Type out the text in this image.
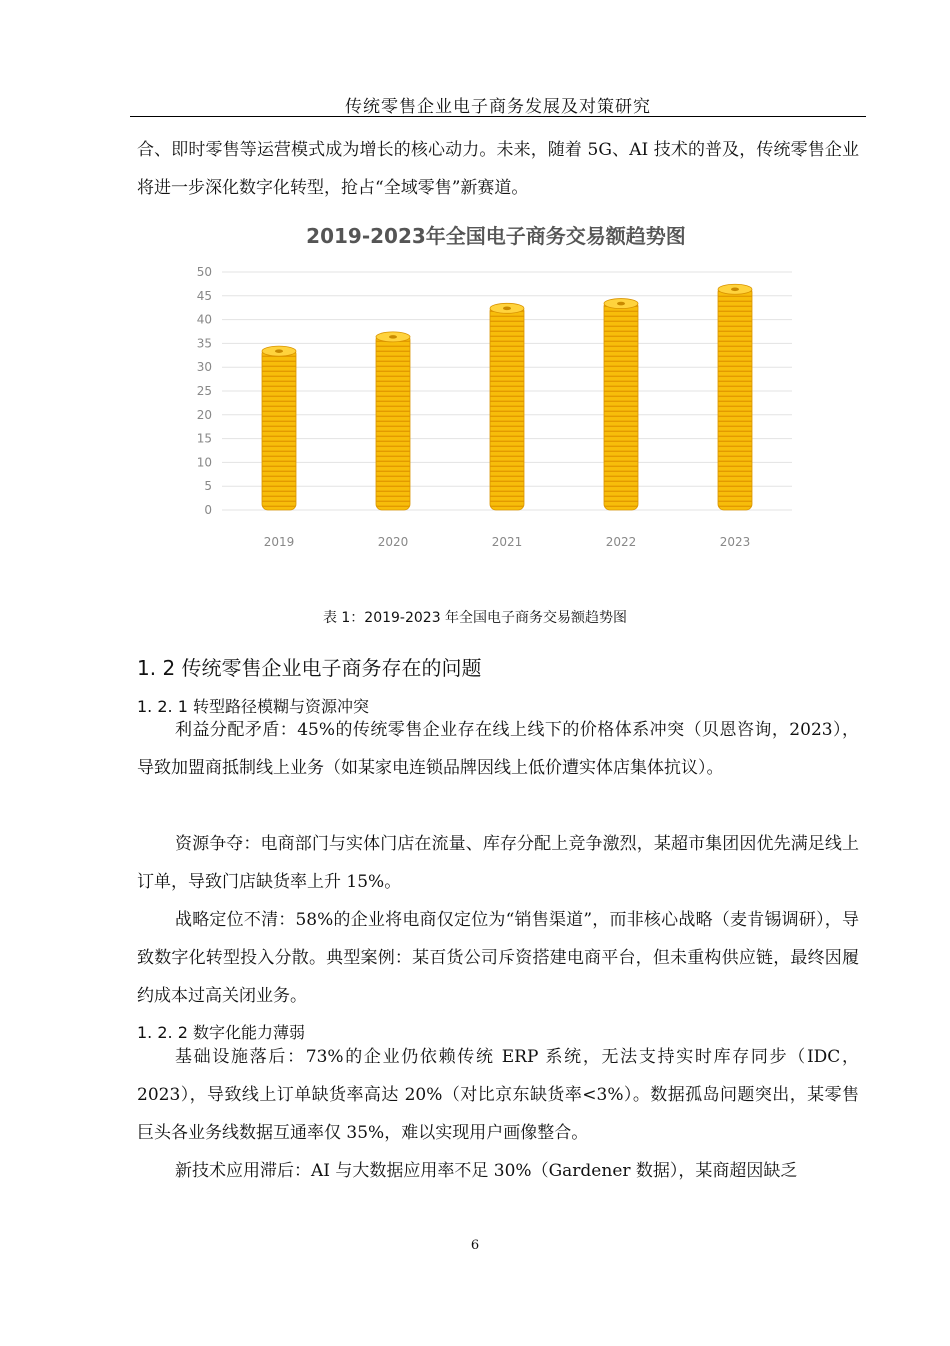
传统零售企业电子商务发展及对策研究

合、即时零售等运营模式成为增长的核心动力。未来，随着 5G、AI 技术的普及，传统零售企业将进一步深化数字化转型，抢占“全域零售”新赛道。

2019-2023年全国电子商务交易额趋势图
0
5
10
15
20
25
30
35
40
45
50
2019	2020	2021	2022	2023
表 1：2019-2023 年全国电子商务交易额趋势图
1. 2 传统零售企业电子商务存在的问题
1. 2. 1 转型路径模糊与资源冲突

利益分配矛盾：45%的传统零售企业存在线上线下的价格体系冲突（贝恩咨询，2023），导致加盟商抵制线上业务（如某家电连锁品牌因线上低价遭实体店集体抗议）。

资源争夺：电商部门与实体门店在流量、库存分配上竞争激烈，某超市集团因优先满足线上订单，导致门店缺货率上升 15%。

战略定位不清：58%的企业将电商仅定位为“销售渠道”，而非核心战略（麦肯锡调研），导致数字化转型投入分散。典型案例：某百货公司斥资搭建电商平台，但未重构供应链，最终因履约成本过高关闭业务。

1. 2. 2 数字化能力薄弱

基础设施落后：73%的企业仍依赖传统 ERP 系统，无法支持实时库存同步（IDC，2023），导致线上订单缺货率高达 20%（对比京东缺货率<3%）。数据孤岛问题突出，某零售巨头各业务线数据互通率仅 35%，难以实现用户画像整合。

新技术应用滞后：AI 与大数据应用率不足 30%（Gardener 数据），某商超因缺乏

6
